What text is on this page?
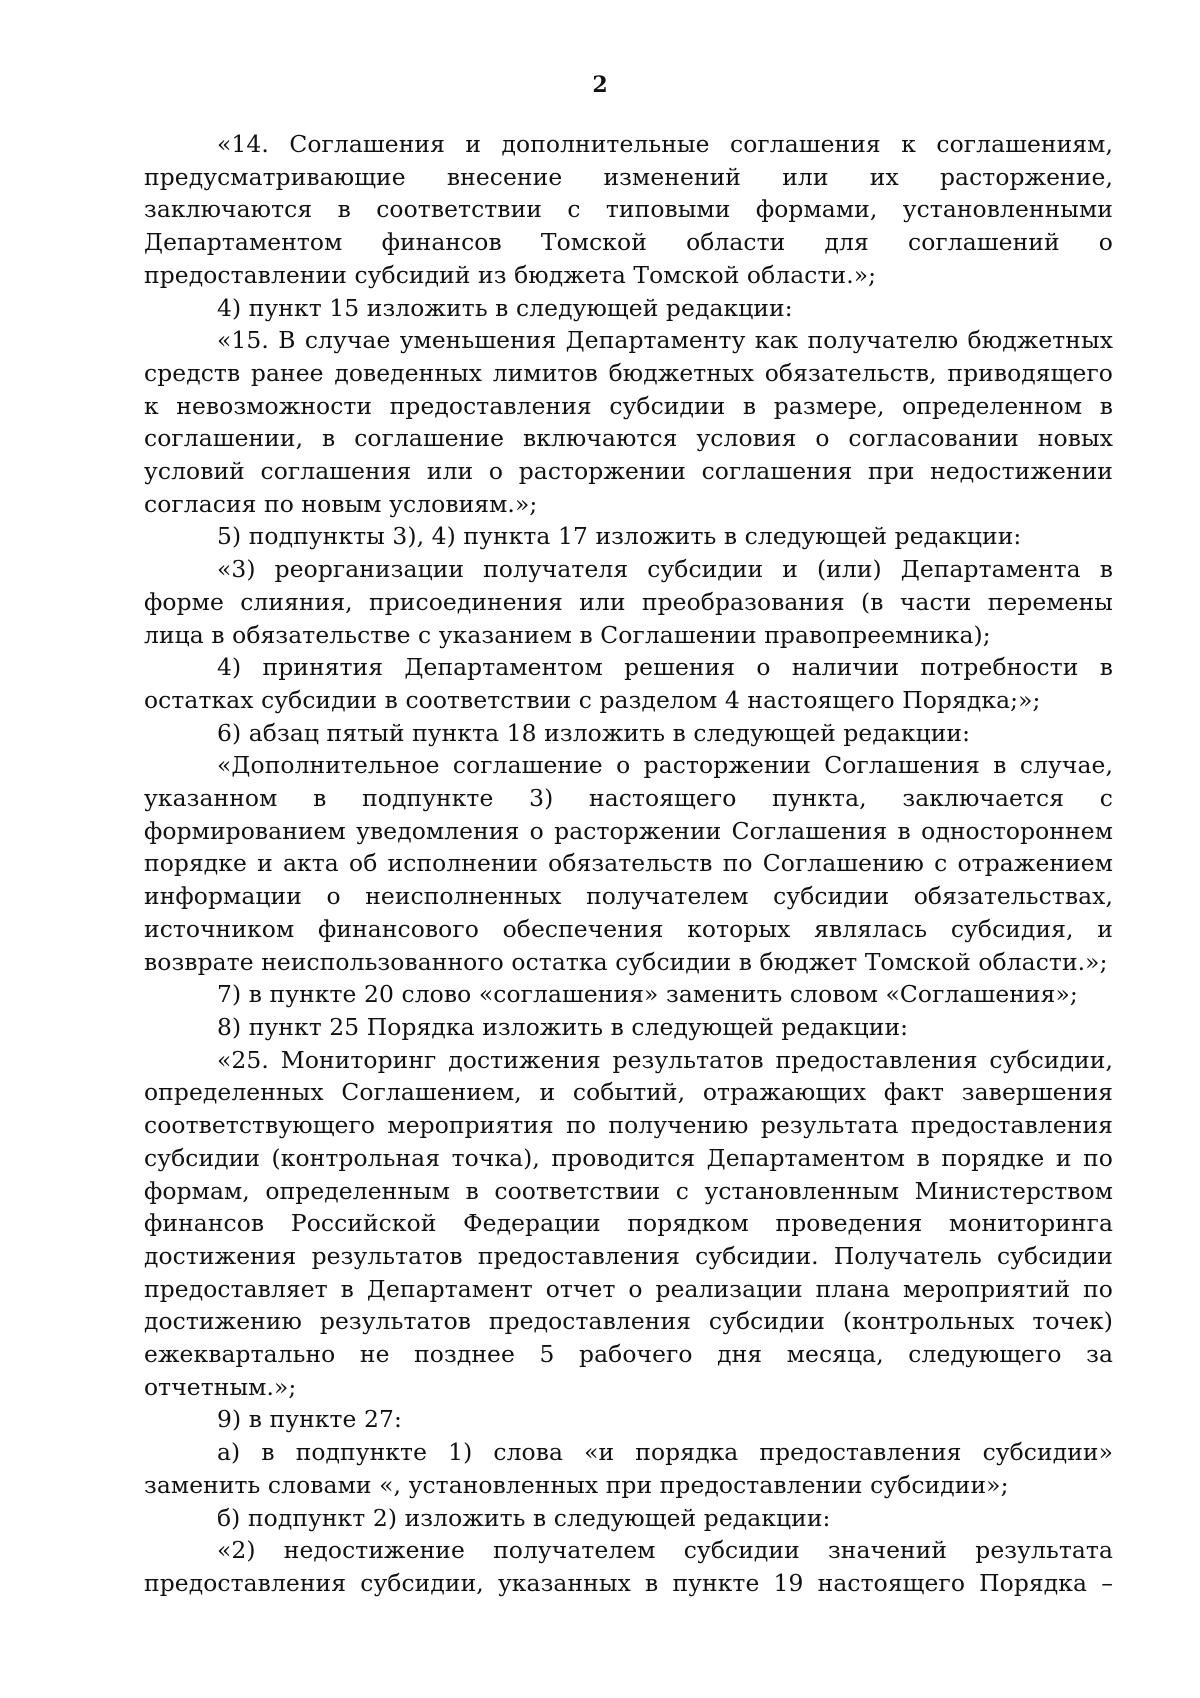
2

«14. Соглашения и дополнительные соглашения к соглашениям, предусматривающие внесение изменений или их расторжение, заключаются в соответствии с типовыми формами, установленными Департаментом финансов Томской области для соглашений о предоставлении субсидий из бюджета Томской области.»;

4) пункт 15 изложить в следующей редакции:

«15. В случае уменьшения Департаменту как получателю бюджетных средств ранее доведенных лимитов бюджетных обязательств, приводящего к невозможности предоставления субсидии в размере, определенном в соглашении, в соглашение включаются условия о согласовании новых условий соглашения или о расторжении соглашения при недостижении согласия по новым условиям.»;

5) подпункты 3), 4) пункта 17 изложить в следующей редакции:

«3) реорганизации получателя субсидии и (или) Департамента в форме слияния, присоединения или преобразования (в части перемены лица в обязательстве с указанием в Соглашении правопреемника);

4) принятия Департаментом решения о наличии потребности в остатках субсидии в соответствии с разделом 4 настоящего Порядка;»;

6) абзац пятый пункта 18 изложить в следующей редакции:

«Дополнительное соглашение о расторжении Соглашения в случае, указанном в подпункте 3) настоящего пункта, заключается с формированием уведомления о расторжении Соглашения в одностороннем порядке и акта об исполнении обязательств по Соглашению с отражением информации о неисполненных получателем субсидии обязательствах, источником финансового обеспечения которых являлась субсидия, и возврате неиспользованного остатка субсидии в бюджет Томской области.»;

7) в пункте 20 слово «соглашения» заменить словом «Соглашения»;

8) пункт 25 Порядка изложить в следующей редакции:

«25. Мониторинг достижения результатов предоставления субсидии, определенных Соглашением, и событий, отражающих факт завершения соответствующего мероприятия по получению результата предоставления субсидии (контрольная точка), проводится Департаментом в порядке и по формам, определенным в соответствии с установленным Министерством финансов Российской Федерации порядком проведения мониторинга достижения результатов предоставления субсидии. Получатель субсидии предоставляет в Департамент отчет о реализации плана мероприятий по достижению результатов предоставления субсидии (контрольных точек) ежеквартально не позднее 5 рабочего дня месяца, следующего за отчетным.»;

9) в пункте 27:

а) в подпункте 1) слова «и порядка предоставления субсидии» заменить словами «, установленных при предоставлении субсидии»;

б) подпункт 2) изложить в следующей редакции:

«2) недостижение получателем субсидии значений результата предоставления субсидии, указанных в пункте 19 настоящего Порядка –
